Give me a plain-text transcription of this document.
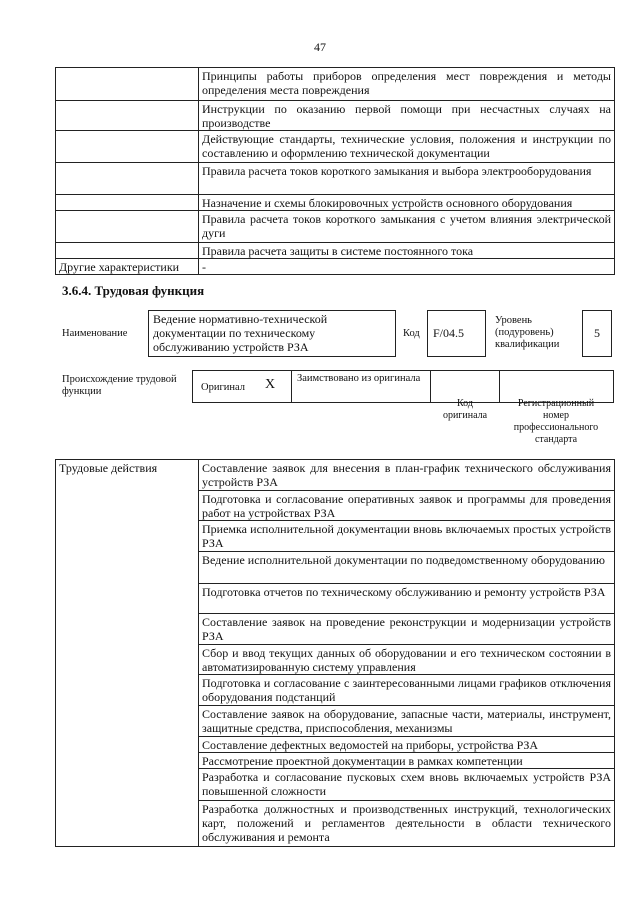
47
	Принципы работы приборов определения мест повреждения и методы определения места повреждения
	Инструкции по оказанию первой помощи при несчастных случаях на производстве
	Действующие стандарты, технические условия, положения и инструкции по составлению и оформлению технической документации
	Правила расчета токов короткого замыкания и выбора электрооборудования
	Назначение и схемы блокировочных устройств основного оборудования
	Правила расчета токов короткого замыкания с учетом влияния электрической дуги
	Правила расчета защиты в системе постоянного тока
Другие характеристики	-
3.6.4. Трудовая функция
Наименование
Ведение нормативно-технической документации по техническому обслуживанию устройств РЗА
Код	F/04.5
Уровень (подуровень) квалификации
5
Происхождение трудовой функции	Оригинал X Заимствовано из оригинала
Код оригинала
Регистрационный номер профессионального стандарта
Трудовые действия	Составление заявок для внесения в план-график технического обслуживания устройств РЗА
Подготовка и согласование оперативных заявок и программы для проведения работ на устройствах РЗА
Приемка исполнительной документации вновь включаемых простых устройств РЗА
Ведение исполнительной документации по подведомственному оборудованию
Подготовка отчетов по техническому обслуживанию и ремонту устройств РЗА
Составление заявок на проведение реконструкции и модернизации устройств РЗА
Сбор и ввод текущих данных об оборудовании и его техническом состоянии в автоматизированную систему управления
Подготовка и согласование с заинтересованными лицами графиков отключения оборудования подстанций
Составление заявок на оборудование, запасные части, материалы, инструмент, защитные средства, приспособления, механизмы
Составление дефектных ведомостей на приборы, устройства РЗА
Рассмотрение проектной документации в рамках компетенции
Разработка и согласование пусковых схем вновь включаемых устройств РЗА повышенной сложности
Разработка должностных и производственных инструкций, технологических карт, положений и регламентов деятельности в области технического обслуживания и ремонта
